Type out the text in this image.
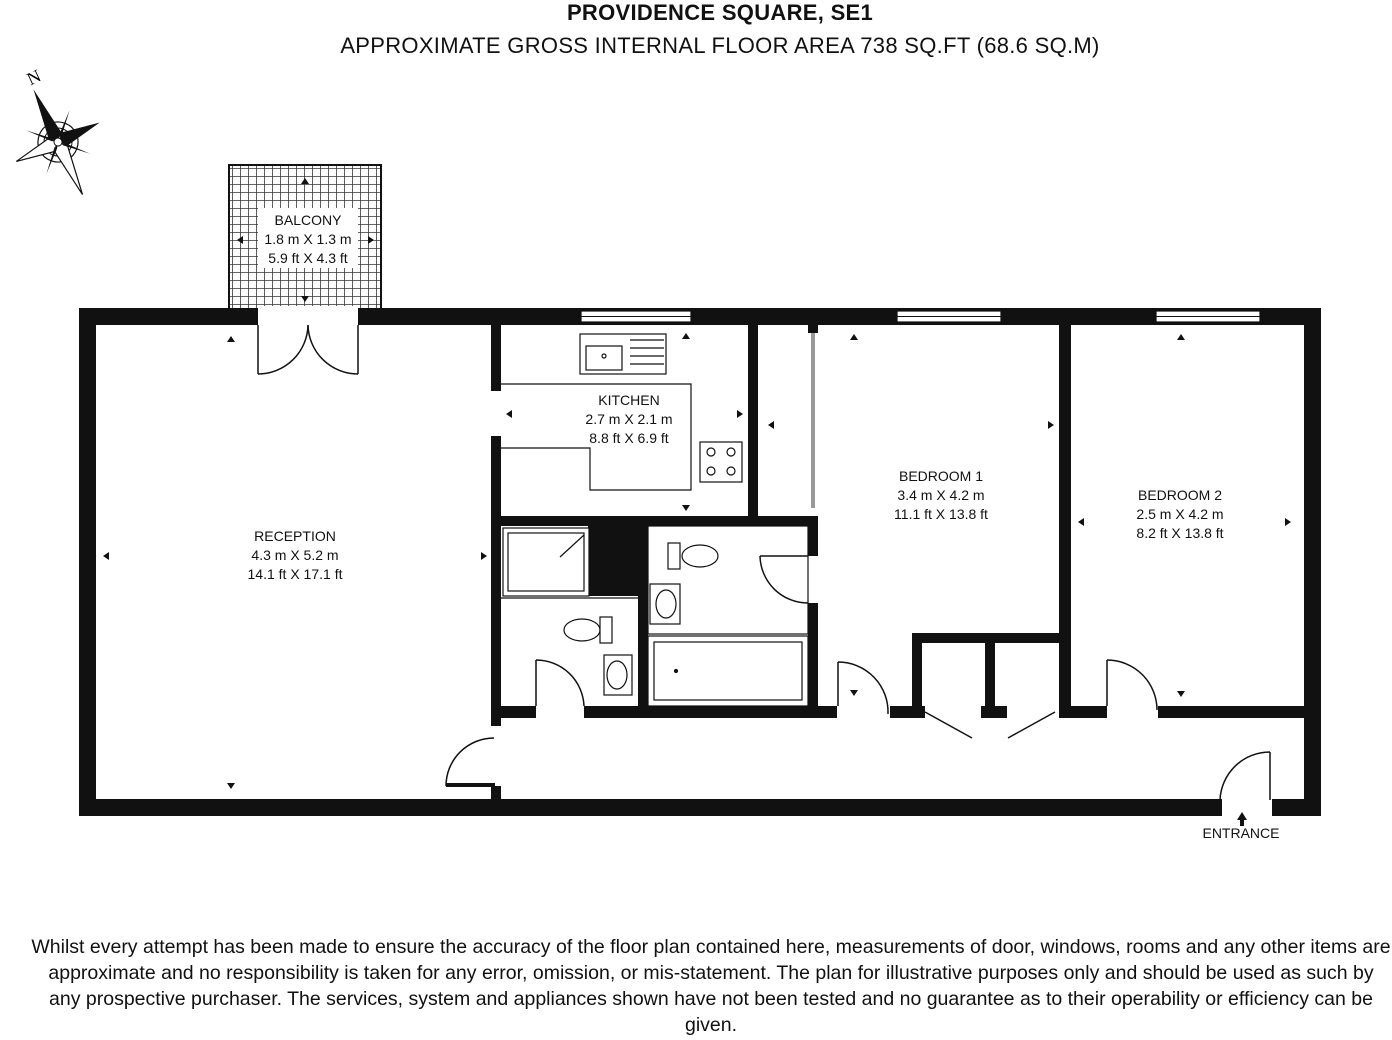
PROVIDENCE SQUARE, SE1
APPROXIMATE GROSS INTERNAL FLOOR AREA 738 SQ.FT (68.6 SQ.M)
N
BALCONY
1.8 m X 1.3 m
5.9 ft X 4.3 ft
KITCHEN
2.7 m X 2.1 m
8.8 ft X 6.9 ft
RECEPTION
4.3 m X 5.2 m
14.1 ft X 17.1 ft
BEDROOM 1
3.4 m X 4.2 m
11.1 ft X 13.8 ft
BEDROOM 2
2.5 m X 4.2 m
8.2 ft X 13.8 ft
ENTRANCE
Whilst every attempt has been made to ensure the accuracy of the floor plan contained here, measurements of door, windows, rooms and any other items are approximate and no responsibility is taken for any error, omission, or mis-statement. The plan for illustrative purposes only and should be used as such by any prospective purchaser. The services, system and appliances shown have not been tested and no guarantee as to their operability or efficiency can be given.
